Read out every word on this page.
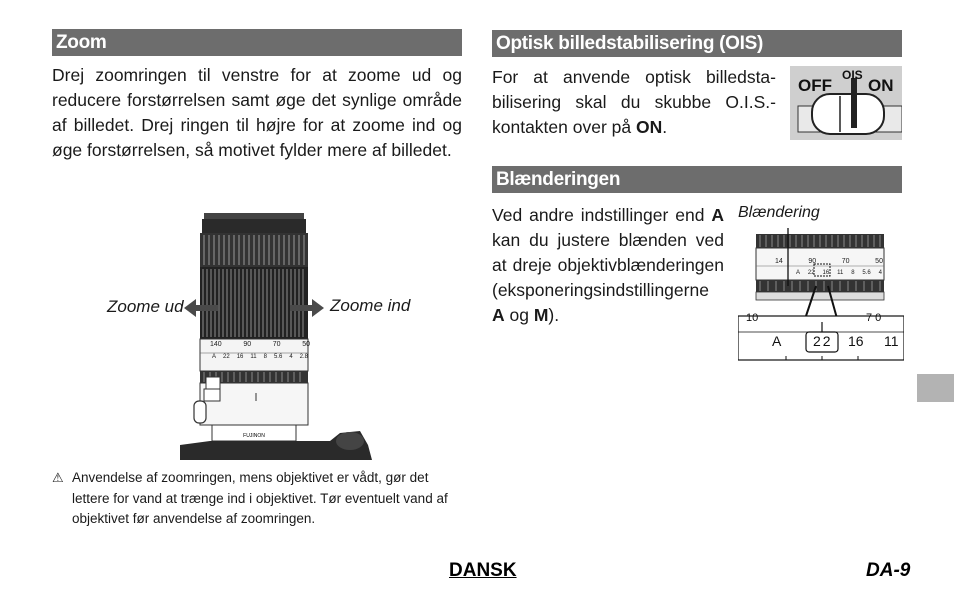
Zoom
Drej zoomringen til venstre for at zoome ud og reducere forstørrelsen samt øge det synlige område af billedet. Drej ringen til højre for at zoome ind og øge forstørrelsen, så motivet fylder mere af billedet.
FUJINON
140	90	70	50
A 22 16 11 8 5.6 4 2.8
Zoome ud	Zoome ind
⚠ Anvendelse af zoomringen, mens objektivet er vådt, gør det lettere for vand at trænge ind i objektivet. Tør eventuelt vand af objektivet før anvendelse af zoomringen.
Optisk billedstabilisering (OIS)
For at anvende optisk billedsta-bilisering skal du skubbe O.I.S.-kontakten over på ON.
OFF
OIS
ON
Blænderingen
Ved andre indstillinger end A kan du justere blænden ved at dreje objektivblænderingen (eksponeringsindstillingerne A og M).
Blændering
14	90	70	50
A 22 16 11 8 5.6 4
10	7 0
A 22 16 11
DANSK	DA-9
